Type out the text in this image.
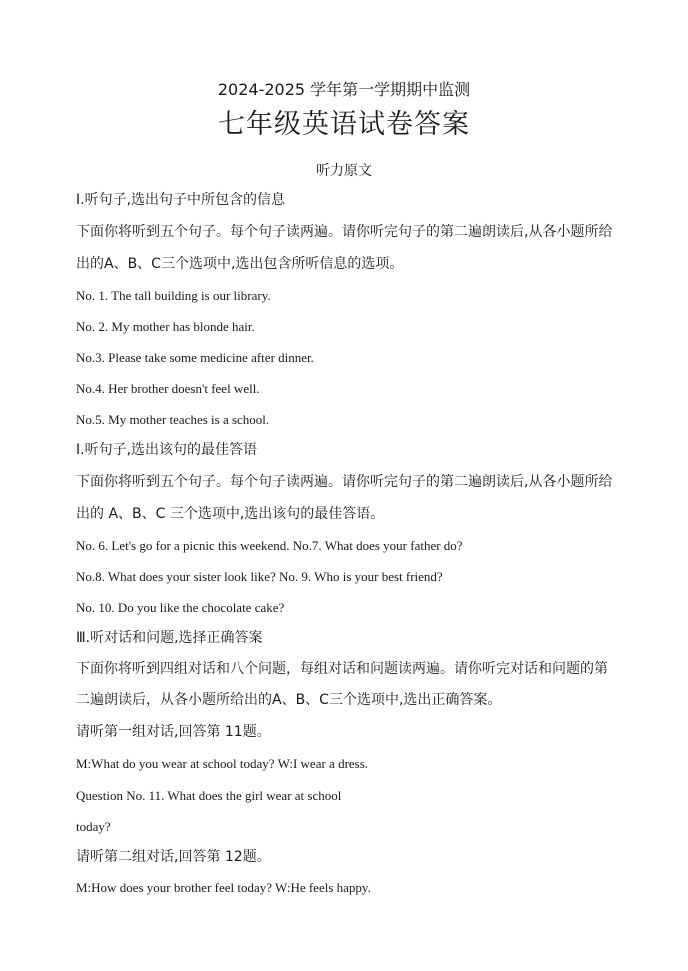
2024-2025 学年第一学期期中监测
七年级英语试卷答案
听力原文
I.听句子,选出句子中所包含的信息
下面你将听到五个句子。每个句子读两遍。请你听完句子的第二遍朗读后,从各小题所给
出的A、B、C三个选项中,选出包含所听信息的选项。
No. 1. The tall building is our library.
No. 2. My mother has blonde hair.
No.3. Please take some medicine after dinner.
No.4. Her brother doesn't feel well.
No.5. My mother teaches is a school.
I.听句子,选出该句的最佳答语
下面你将听到五个句子。每个句子读两遍。请你听完句子的第二遍朗读后,从各小题所给
出的 A、B、C 三个选项中,选出该句的最佳答语。
No. 6. Let's go for a picnic this weekend. No.7. What does your father do?
No.8. What does your sister look like? No. 9. Who is your best friend?
No. 10. Do you like the chocolate cake?
Ⅲ.听对话和问题,选择正确答案
下面你将听到四组对话和八个问题，每组对话和问题读两遍。请你听完对话和问题的第
二遍朗读后，从各小题所给出的A、B、C三个选项中,选出正确答案。
请听第一组对话,回答第 11题。
M:What do you wear at school today? W:I wear a dress.
Question No. 11. What does the girl wear at school
today?
请听第二组对话,回答第 12题。
M:How does your brother feel today? W:He feels happy.
